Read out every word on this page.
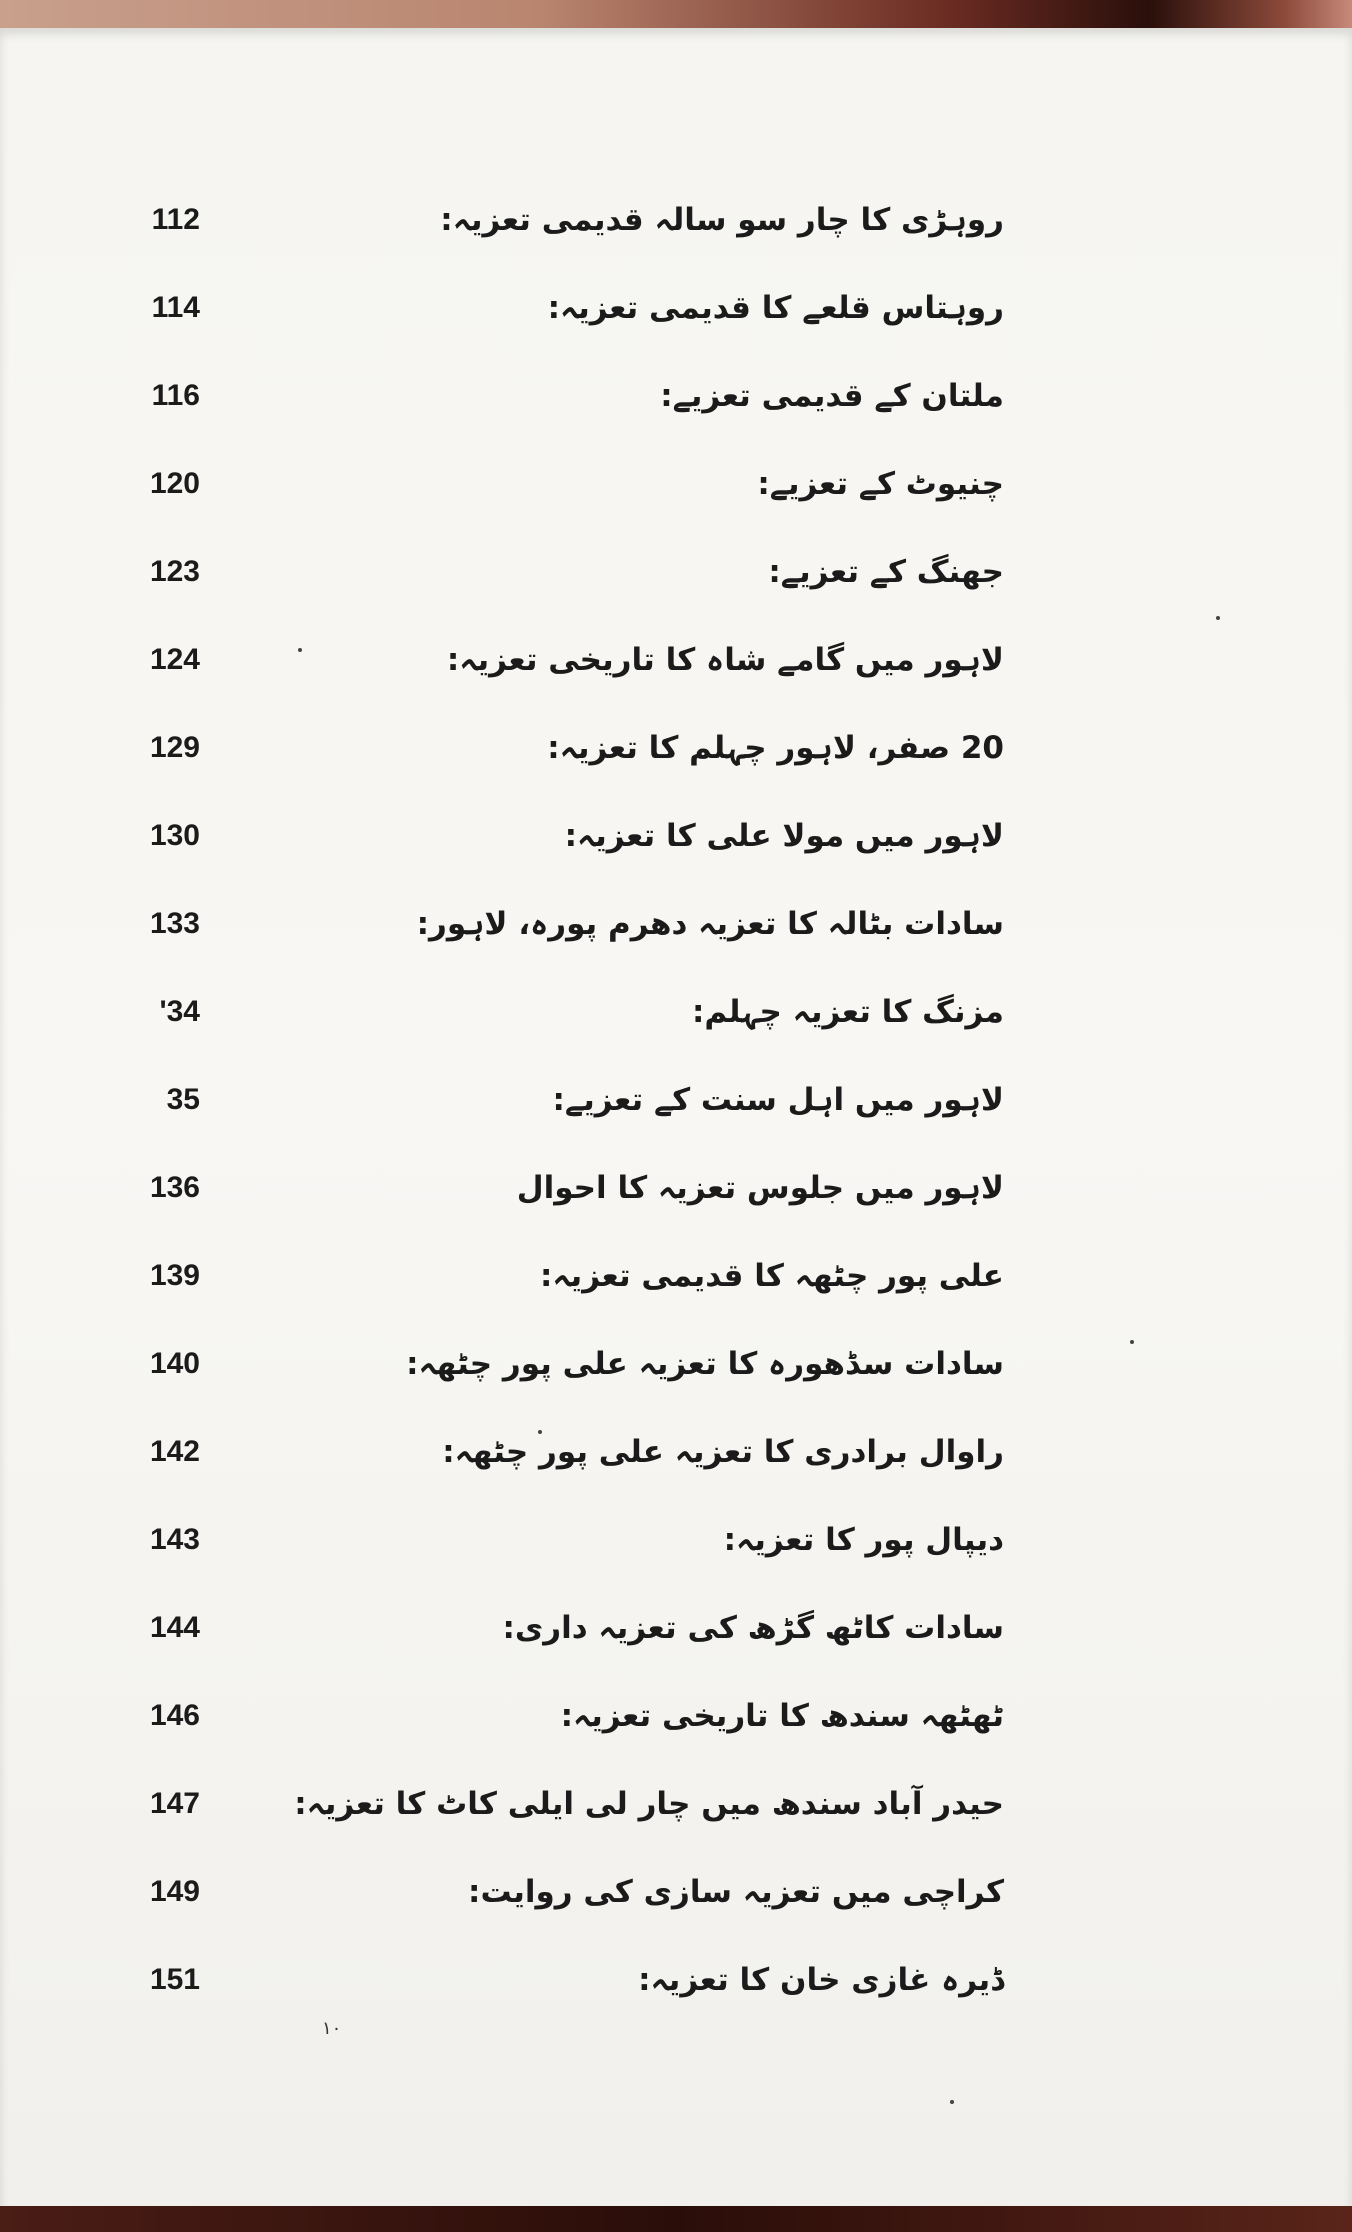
روہڑی کا چار سو سالہ قدیمی تعزیہ:
112
روہتاس قلعے کا قدیمی تعزیہ:
114
ملتان کے قدیمی تعزیے:
116
چنیوٹ کے تعزیے:
120
جھنگ کے تعزیے:
123
لاہور میں گامے شاہ کا تاریخی تعزیہ:
124
20 صفر، لاہور چہلم کا تعزیہ:
129
لاہور میں مولا علی کا تعزیہ:
130
سادات بٹالہ کا تعزیہ دھرم پورہ، لاہور:
133
مزنگ کا تعزیہ چہلم:
'34
لاہور میں اہل سنت کے تعزیے:
35
لاہور میں جلوس تعزیہ کا احوال
136
علی پور چٹھہ کا قدیمی تعزیہ:
139
سادات سڈھورہ کا تعزیہ علی پور چٹھہ:
140
راوال برادری کا تعزیہ علی پور چٹھہ:
142
دیپال پور کا تعزیہ:
143
سادات کاٹھ گڑھ کی تعزیہ داری:
144
ٹھٹھہ سندھ کا تاریخی تعزیہ:
146
حیدر آباد سندھ میں چار لی ایلی کاٹ کا تعزیہ:
147
کراچی میں تعزیہ سازی کی روایت:
149
ڈیرہ غازی خان کا تعزیہ:
151
۱۰
